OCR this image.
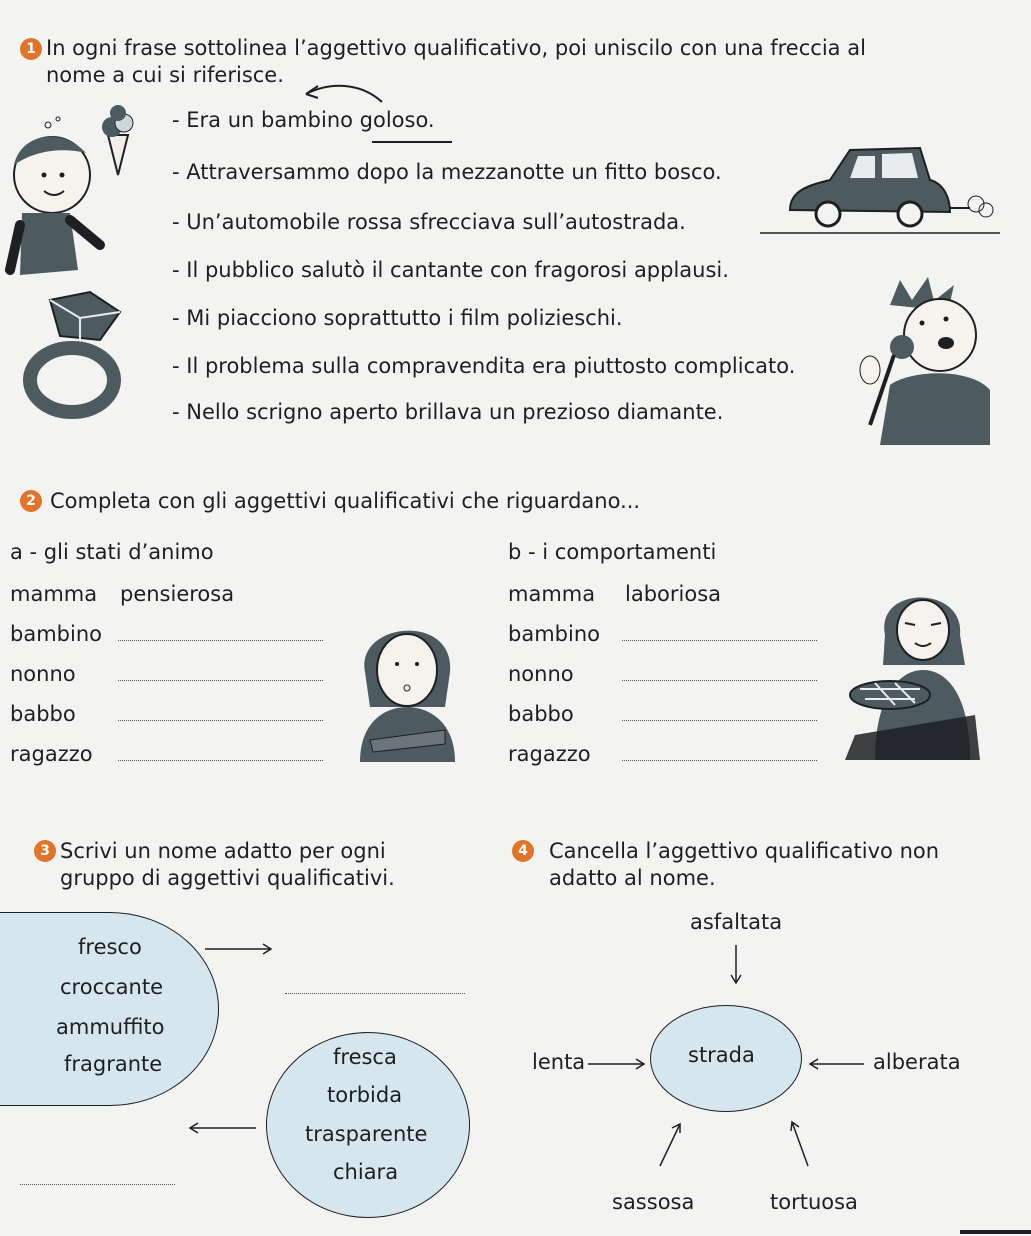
1 In ogni frase sottolinea l’aggettivo qualificativo, poi uniscilo con una freccia al
nome a cui si riferisce.
- Era un bambino goloso.
- Attraversammo dopo la mezzanotte un fitto bosco.
- Un’automobile rossa sfrecciava sull’autostrada.
- Il pubblico salutò il cantante con fragorosi applausi.
- Mi piacciono soprattutto i film polizieschi.
- Il problema sulla compravendita era piuttosto complicato.
- Nello scrigno aperto brillava un prezioso diamante.
2 Completa con gli aggettivi qualificativi che riguardano...
a - gli stati d’animo	b - i comportamenti
mamma pensierosa	mamma laboriosa
bambino
nonno
babbo
ragazzo
bambino
nonno
babbo
ragazzo
3 Scrivi un nome adatto per ogni
gruppo di aggettivi qualificativi.
fresco
croccante
ammuffito
fragrante	fresca
torbida
trasparente
chiara
4 Cancella l’aggettivo qualificativo non
adatto al nome.
strada
asfaltata
lenta	alberata
sassosa	tortuosa
